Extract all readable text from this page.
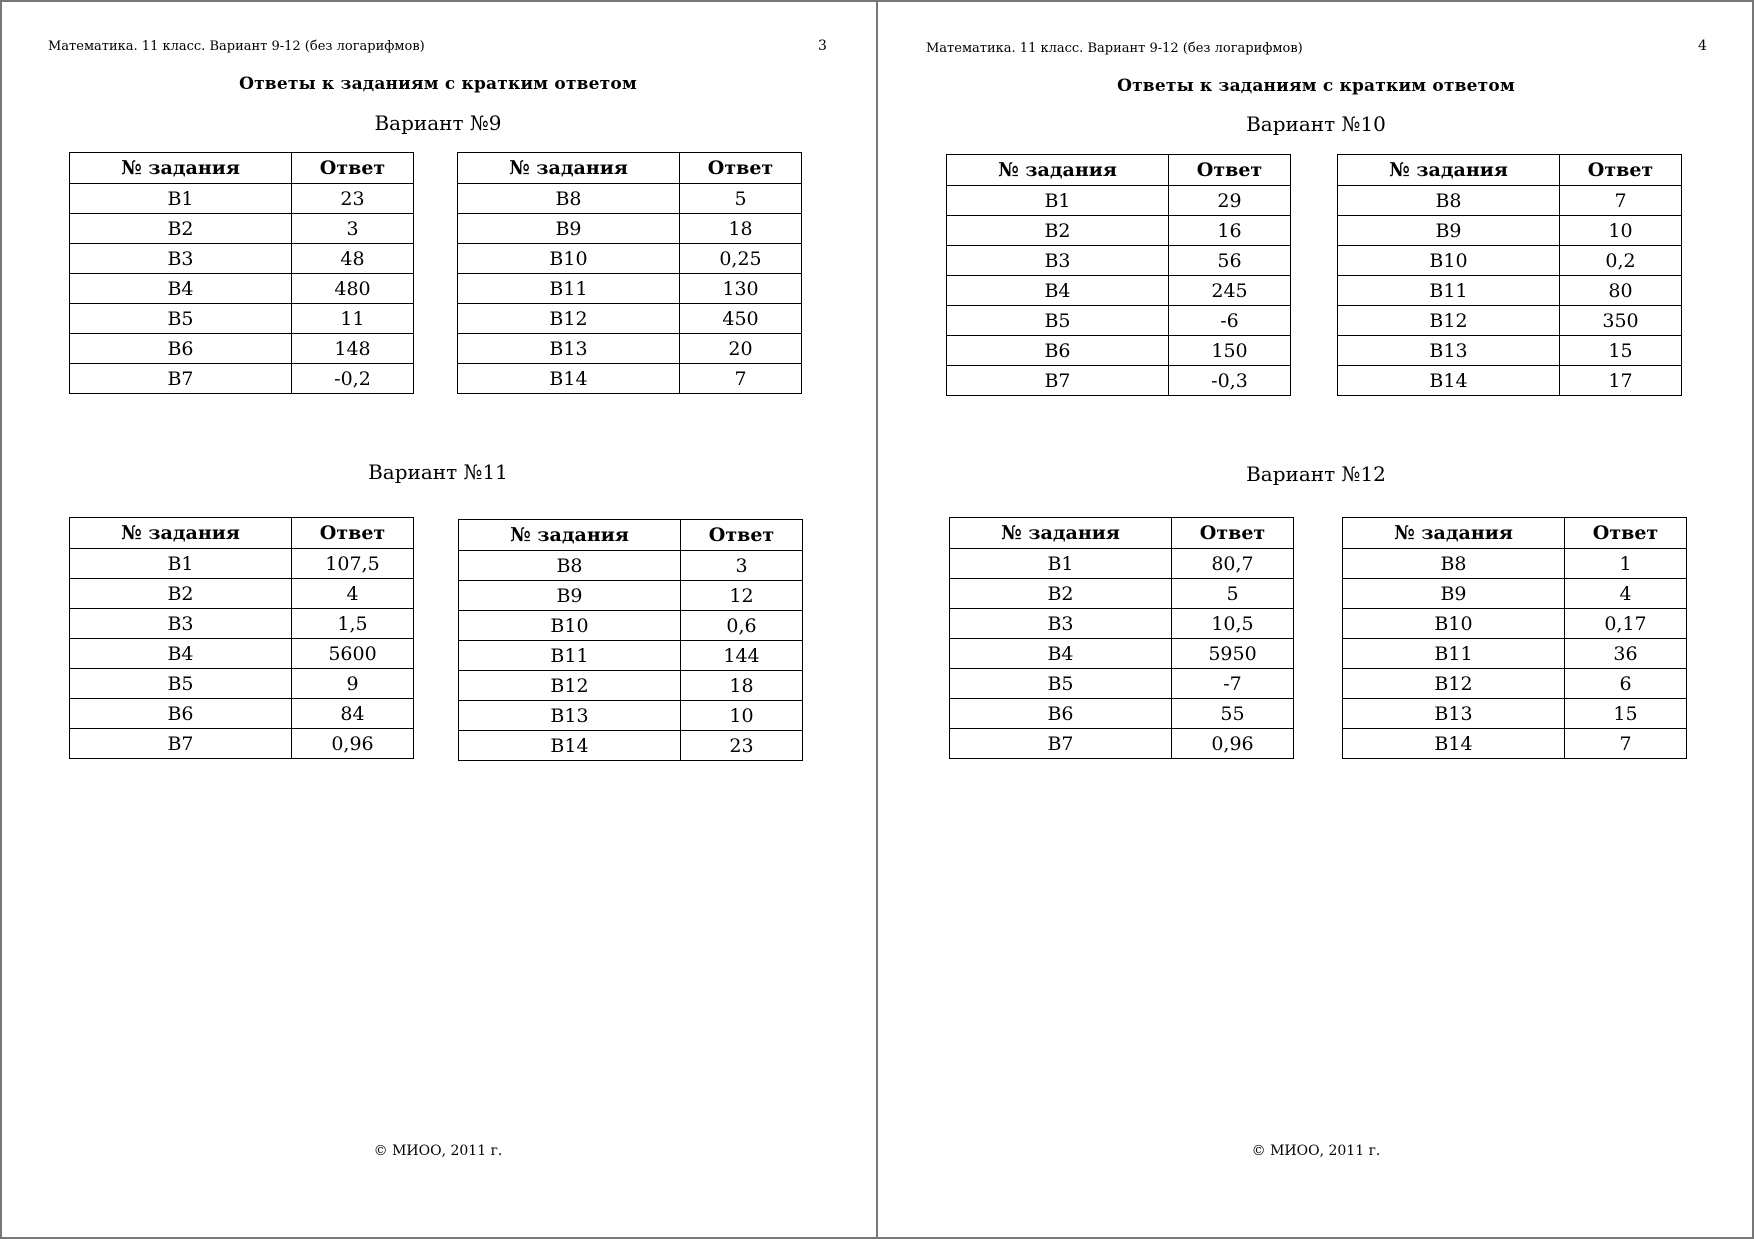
Математика. 11 класс. Вариант 9-12 (без логарифмов)	3
Ответы к заданиям с кратким ответом
Вариант №9
№ задания	Ответ
B1	23
B2	3
B3	48
B4	480
B5	11
B6	148
B7	-0,2
№ задания	Ответ
B8	5
B9	18
B10	0,25
B11	130
B12	450
B13	20
B14	7
Вариант №11
№ задания	Ответ
B1	107,5
B2	4
B3	1,5
B4	5600
B5	9
B6	84
B7	0,96
№ задания	Ответ
B8	3
B9	12
B10	0,6
B11	144
B12	18
B13	10
B14	23
© МИОО, 2011 г.
Математика. 11 класс. Вариант 9-12 (без логарифмов)	4
Ответы к заданиям с кратким ответом
Вариант №10
№ задания	Ответ
B1	29
B2	16
B3	56
B4	245
B5	-6
B6	150
B7	-0,3
№ задания	Ответ
B8	7
B9	10
B10	0,2
B11	80
B12	350
B13	15
B14	17
Вариант №12
№ задания	Ответ
B1	80,7
B2	5
B3	10,5
B4	5950
B5	-7
B6	55
B7	0,96
№ задания	Ответ
B8	1
B9	4
B10	0,17
B11	36
B12	6
B13	15
B14	7
© МИОО, 2011 г.
